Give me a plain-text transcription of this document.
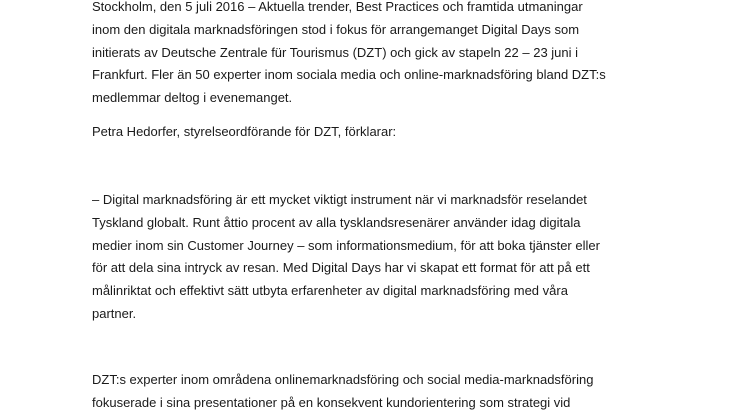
Stockholm, den 5 juli 2016 – Aktuella trender, Best Practices och framtida utmaningar
inom den digitala marknadsföringen stod i fokus för arrangemanget Digital Days som
initierats av Deutsche Zentrale für Tourismus (DZT) och gick av stapeln 22 – 23 juni i
Frankfurt. Fler än 50 experter inom sociala media och online-marknadsföring bland DZT:s
medlemmar deltog i evenemanget.

Petra Hedorfer, styrelseordförande för DZT, förklarar:

– Digital marknadsföring är ett mycket viktigt instrument när vi marknadsför reselandet
Tyskland globalt. Runt åttio procent av alla tysklandsresenärer använder idag digitala
medier inom sin Customer Journey – som informationsmedium, för att boka tjänster eller
för att dela sina intryck av resan. Med Digital Days har vi skapat ett format för att på ett
målinriktat och effektivt sätt utbyta erfarenheter av digital marknadsföring med våra
partner.

DZT:s experter inom områdena onlinemarknadsföring och social media-marknadsföring
fokuserade i sina presentationer på en konsekvent kundorientering som strategi vid
